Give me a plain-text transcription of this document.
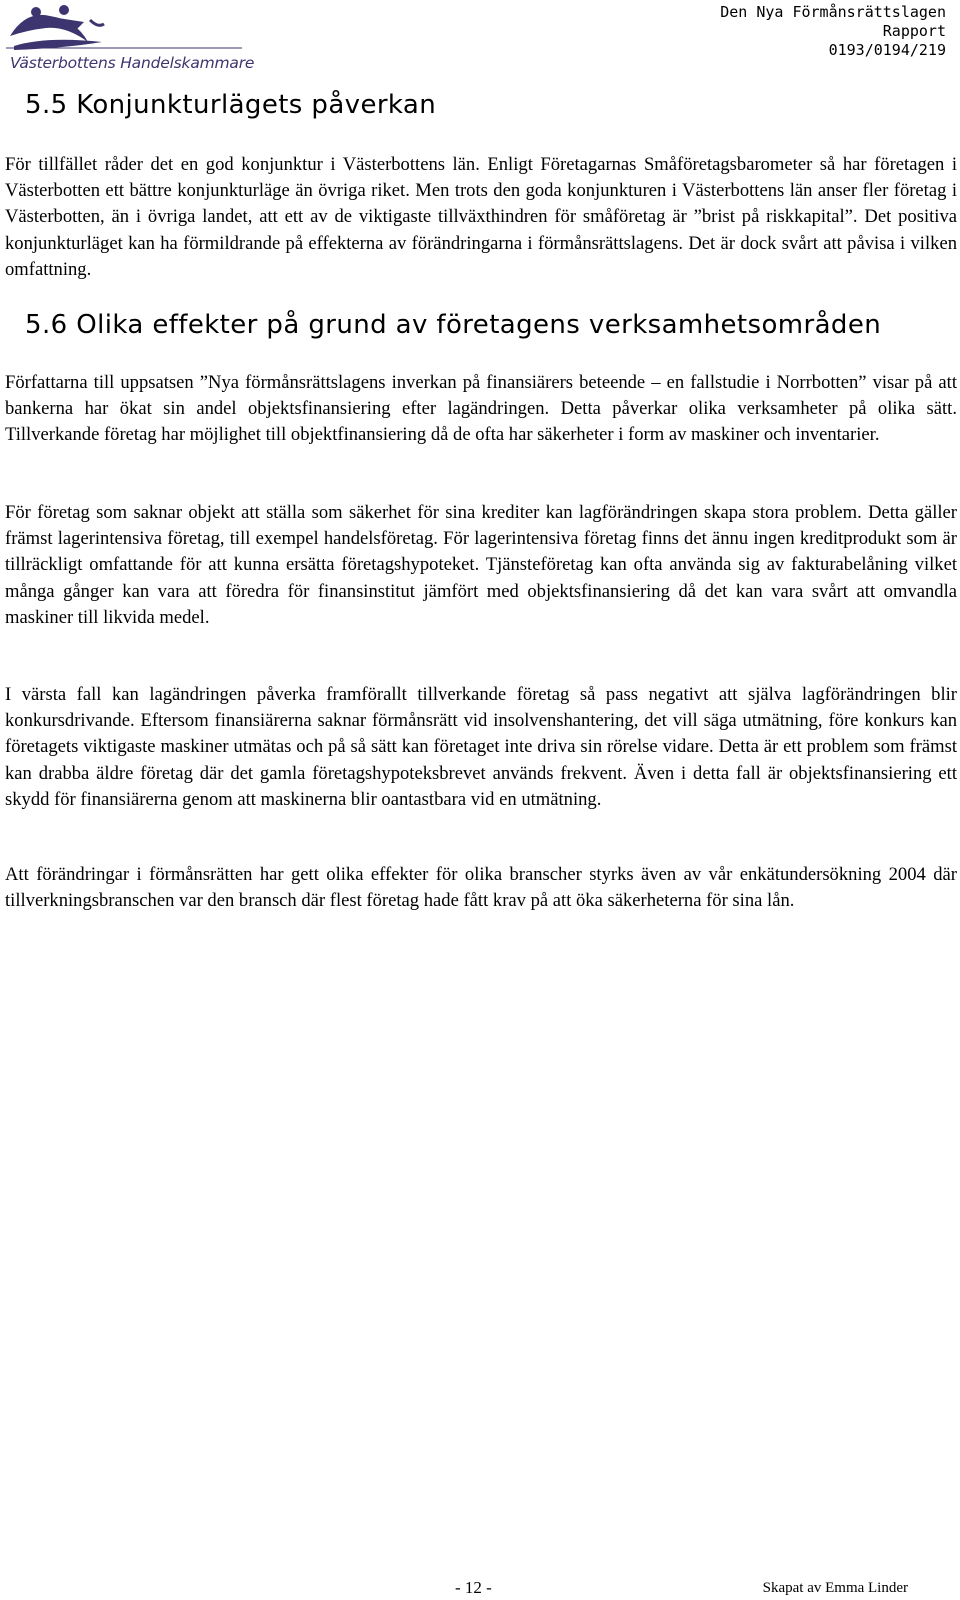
Västerbottens Handelskammare
Den Nya Förmånsrättslagen
Rapport
0193/0194/219
5.5 Konjunkturlägets påverkan

För tillfället råder det en god konjunktur i Västerbottens län. Enligt Företagarnas Småföretagsbarometer så har företagen i Västerbotten ett bättre konjunkturläge än övriga riket. Men trots den goda konjunkturen i Västerbottens län anser fler företag i Västerbotten, än i övriga landet, att ett av de viktigaste tillväxthindren för småföretag är ”brist på riskkapital”. Det positiva konjunkturläget kan ha förmildrande på effekterna av förändringarna i förmånsrättslagens. Det är dock svårt att påvisa i vilken omfattning.

5.6 Olika effekter på grund av företagens verksamhetsområden

Författarna till uppsatsen ”Nya förmånsrättslagens inverkan på finansiärers beteende – en fallstudie i Norrbotten” visar på att bankerna har ökat sin andel objektsfinansiering efter lagändringen. Detta påverkar olika verksamheter på olika sätt. Tillverkande företag har möjlighet till objektfinansiering då de ofta har säkerheter i form av maskiner och inventarier.

För företag som saknar objekt att ställa som säkerhet för sina krediter kan lagförändringen skapa stora problem. Detta gäller främst lagerintensiva företag, till exempel handelsföretag. För lagerintensiva företag finns det ännu ingen kreditprodukt som är tillräckligt omfattande för att kunna ersätta företagshypoteket. Tjänsteföretag kan ofta använda sig av fakturabelåning vilket många gånger kan vara att föredra för finansinstitut jämfört med objektsfinansiering då det kan vara svårt att omvandla maskiner till likvida medel.

I värsta fall kan lagändringen påverka framförallt tillverkande företag så pass negativt att själva lagförändringen blir konkursdrivande. Eftersom finansiärerna saknar förmånsrätt vid insolvenshantering, det vill säga utmätning, före konkurs kan företagets viktigaste maskiner utmätas och på så sätt kan företaget inte driva sin rörelse vidare. Detta är ett problem som främst kan drabba äldre företag där det gamla företagshypoteksbrevet används frekvent. Även i detta fall är objektsfinansiering ett skydd för finansiärerna genom att maskinerna blir oantastbara vid en utmätning.

Att förändringar i förmånsrätten har gett olika effekter för olika branscher styrks även av vår enkätundersökning 2004 där tillverkningsbranschen var den bransch där flest företag hade fått krav på att öka säkerheterna för sina lån.

- 12 -	Skapat av Emma Linder
